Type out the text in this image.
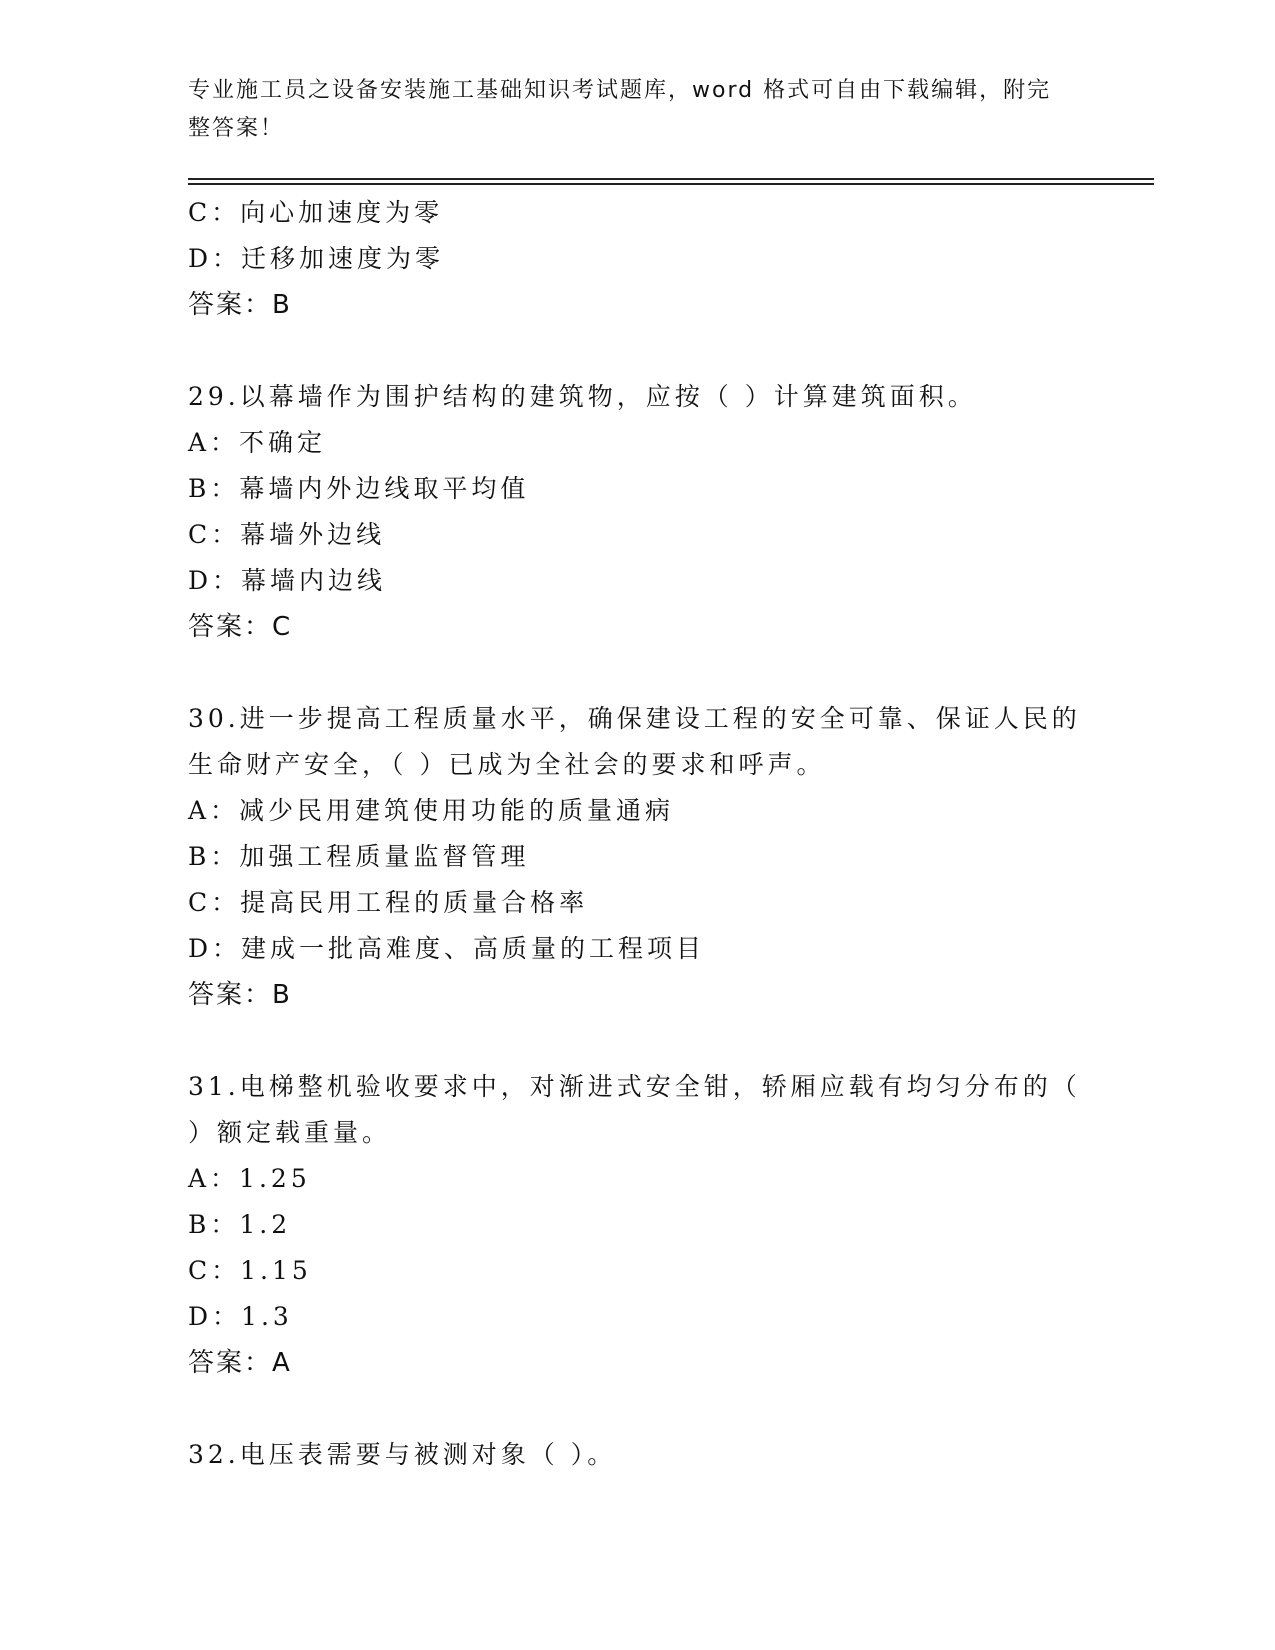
专业施工员之设备安装施工基础知识考试题库，word 格式可自由下载编辑，附完整答案！
C：向心加速度为零
D：迁移加速度为零
答案：B
29.以幕墙作为围护结构的建筑物，应按（ ）计算建筑面积。
A：不确定
B：幕墙内外边线取平均值
C：幕墙外边线
D：幕墙内边线
答案：C
30.进一步提高工程质量水平，确保建设工程的安全可靠、保证人民的生命财产安全，（ ）已成为全社会的要求和呼声。
A：减少民用建筑使用功能的质量通病
B：加强工程质量监督管理
C：提高民用工程的质量合格率
D：建成一批高难度、高质量的工程项目
答案：B
31.电梯整机验收要求中，对渐进式安全钳，轿厢应载有均匀分布的（ ）额定载重量。
A：1.25
B：1.2
C：1.15
D：1.3
答案：A
32.电压表需要与被测对象（ ）。
